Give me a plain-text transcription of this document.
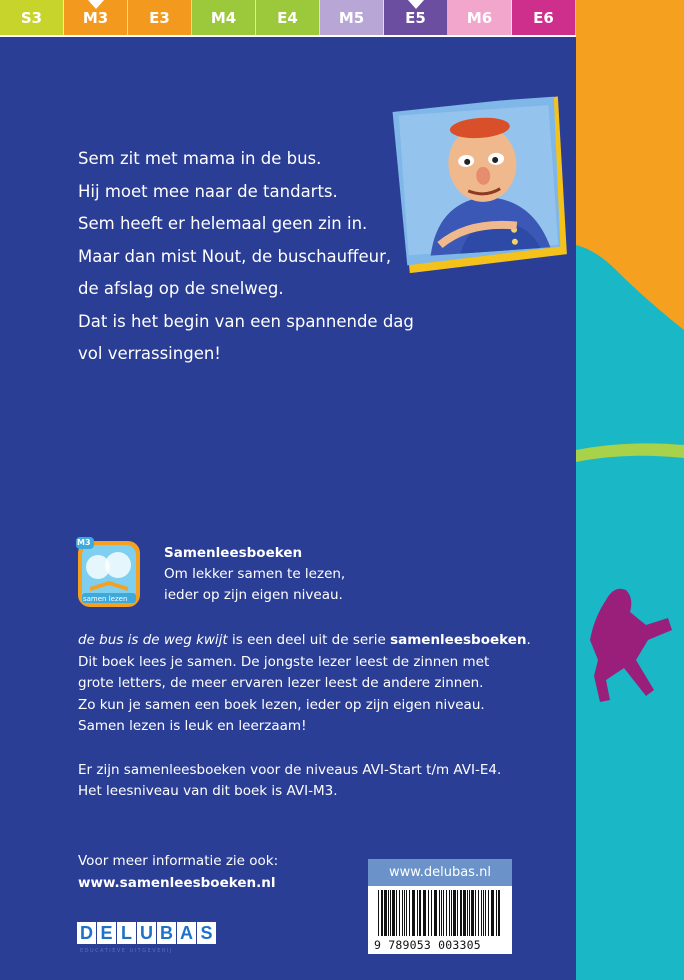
S3	M3	E3	M4	E4	M5	E5	M6	E6
Sem zit met mama in de bus.
Hij moet mee naar de tandarts.
Sem heeft er helemaal geen zin in.
Maar dan mist Nout, de buschauffeur,
de afslag op de snelweg.
Dat is het begin van een spannende dag
vol verrassingen!
M3
samen lezen
Samenleesboeken
Om lekker samen te lezen,
ieder op zijn eigen niveau.
de bus is de weg kwijt is een deel uit de serie samenleesboeken.
Dit boek lees je samen. De jongste lezer leest de zinnen met
grote letters, de meer ervaren lezer leest de andere zinnen.
Zo kun je samen een boek lezen, ieder op zijn eigen niveau.
Samen lezen is leuk en leerzaam!
Er zijn samenleesboeken voor de niveaus AVI-Start t/m AVI-E4.
Het leesniveau van dit boek is AVI-M3.
Voor meer informatie zie ook:
www.samenleesboeken.nl
D E L U B A S
EDUCATIEVE UITGEVERIJ
www.delubas.nl
9 789053 003305
